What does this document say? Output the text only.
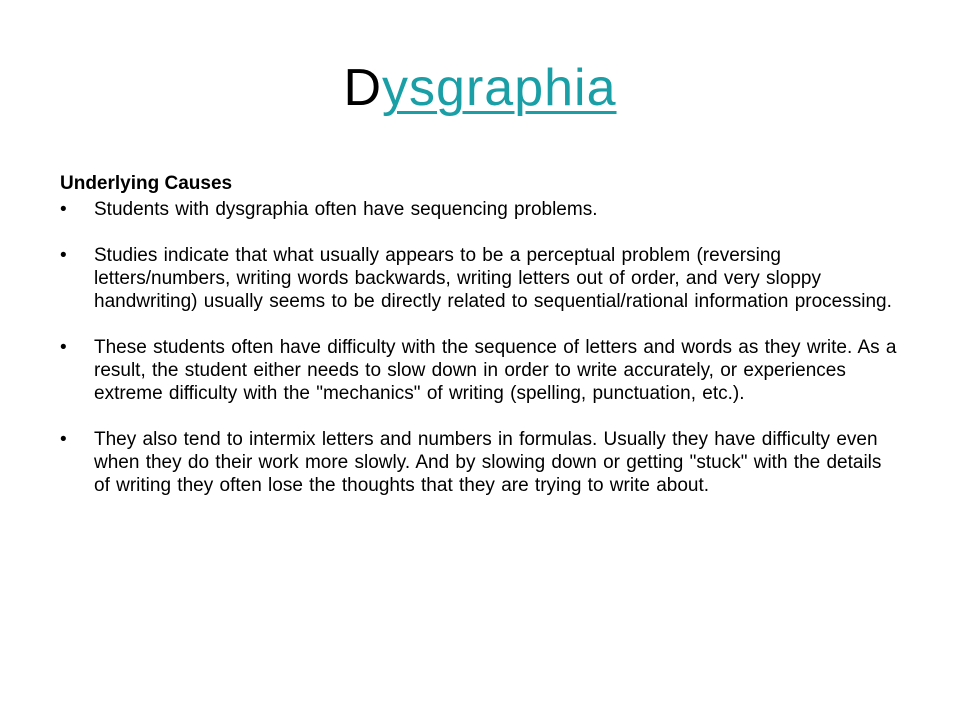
Dysgraphia

Underlying Causes

•	Students with dysgraphia often have sequencing problems.
•	Studies indicate that what usually appears to be a perceptual problem (reversing letters/numbers, writing words backwards, writing letters out of order, and very sloppy handwriting) usually seems to be directly related to sequential/rational information processing.
•	These students often have difficulty with the sequence of letters and words as they write. As a result, the student either needs to slow down in order to write accurately, or experiences extreme difficulty with the "mechanics" of writing (spelling, punctuation, etc.).
•	They also tend to intermix letters and numbers in formulas. Usually they have difficulty even when they do their work more slowly. And by slowing down or getting "stuck" with the details of writing they often lose the thoughts that they are trying to write about.
